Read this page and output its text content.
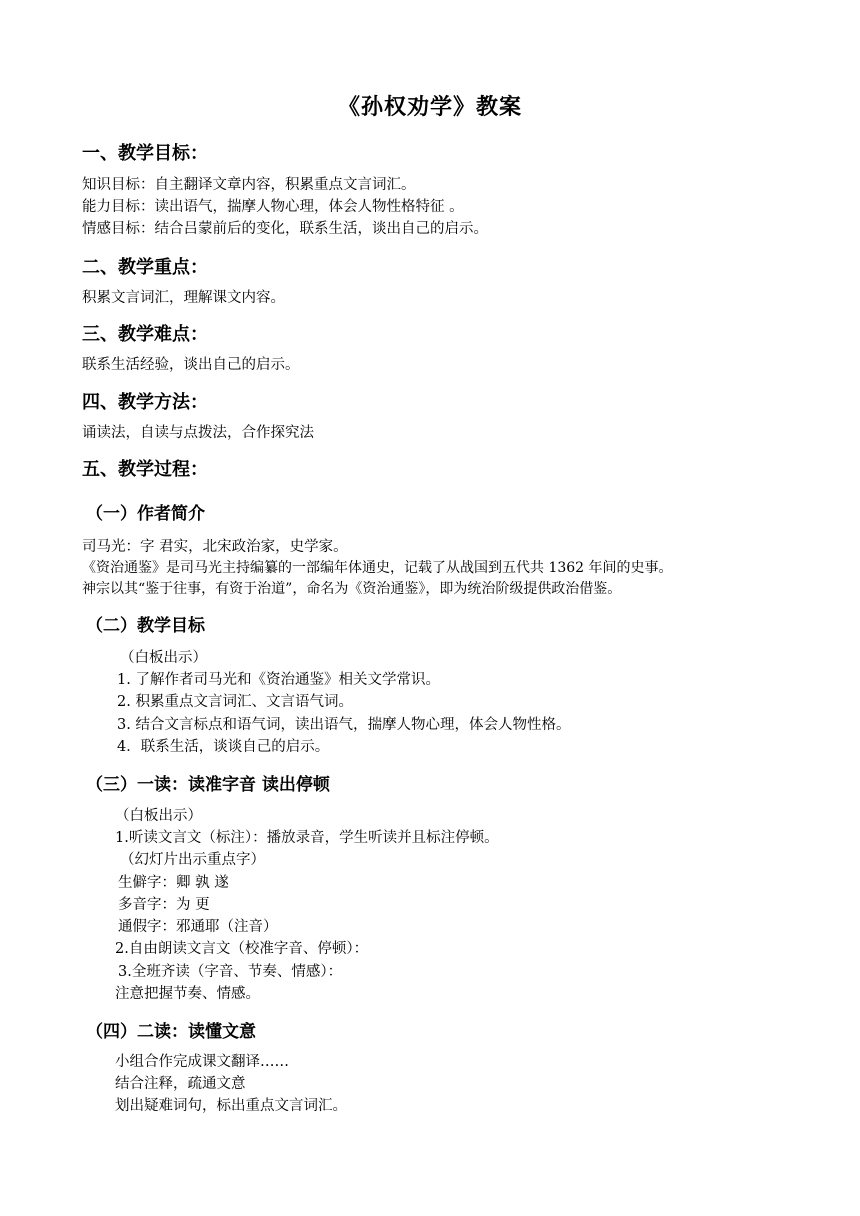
《孙权劝学》教案
一、教学目标：
知识目标：自主翻译文章内容，积累重点文言词汇。
能力目标：读出语气，揣摩人物心理，体会人物性格特征 。
情感目标：结合吕蒙前后的变化，联系生活，谈出自己的启示。
二、教学重点：
积累文言词汇，理解课文内容。
三、教学难点：
联系生活经验，谈出自己的启示。
四、教学方法：
诵读法，自读与点拨法，合作探究法
五、教学过程：
（一）作者简介
司马光：字 君实，北宋政治家，史学家。
《资治通鉴》是司马光主持编纂的一部编年体通史，记载了从战国到五代共 1362 年间的史事。
神宗以其“鉴于往事，有资于治道”，命名为《资治通鉴》，即为统治阶级提供政治借鉴。
（二）教学目标
（白板出示）
1. 了解作者司马光和《资治通鉴》相关文学常识。
2. 积累重点文言词汇、文言语气词。
3. 结合文言标点和语气词，读出语气，揣摩人物心理，体会人物性格。
4．联系生活，谈谈自己的启示。
（三）一读：读准字音 读出停顿
（白板出示）
1.听读文言文（标注）：播放录音，学生听读并且标注停顿。
（幻灯片出示重点字）
生僻字：卿 孰 遂
多音字：为 更
通假字：邪通耶（注音）
2.自由朗读文言文（校准字音、停顿）：
3.全班齐读（字音、节奏、情感）：
注意把握节奏、情感。
（四）二读：读懂文意
小组合作完成课文翻译……
结合注释，疏通文意
划出疑难词句，标出重点文言词汇。
